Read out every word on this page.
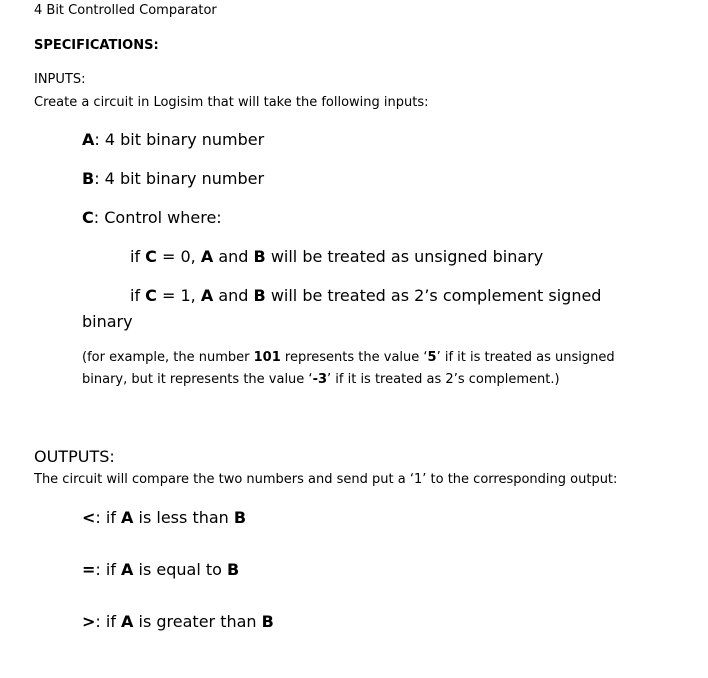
4 Bit Controlled Comparator
SPECIFICATIONS:
INPUTS:
Create a circuit in Logisim that will take the following inputs:
A: 4 bit binary number
B: 4 bit binary number
C: Control where:
if C = 0, A and B will be treated as unsigned binary
if C = 1, A and B will be treated as 2’s complement signed
binary
(for example, the number 101 represents the value ‘5’ if it is treated as unsigned
binary, but it represents the value ‘-3’ if it is treated as 2’s complement.)
OUTPUTS:
The circuit will compare the two numbers and send put a ‘1’ to the corresponding output:
<: if A is less than B
=: if A is equal to B
>: if A is greater than B
